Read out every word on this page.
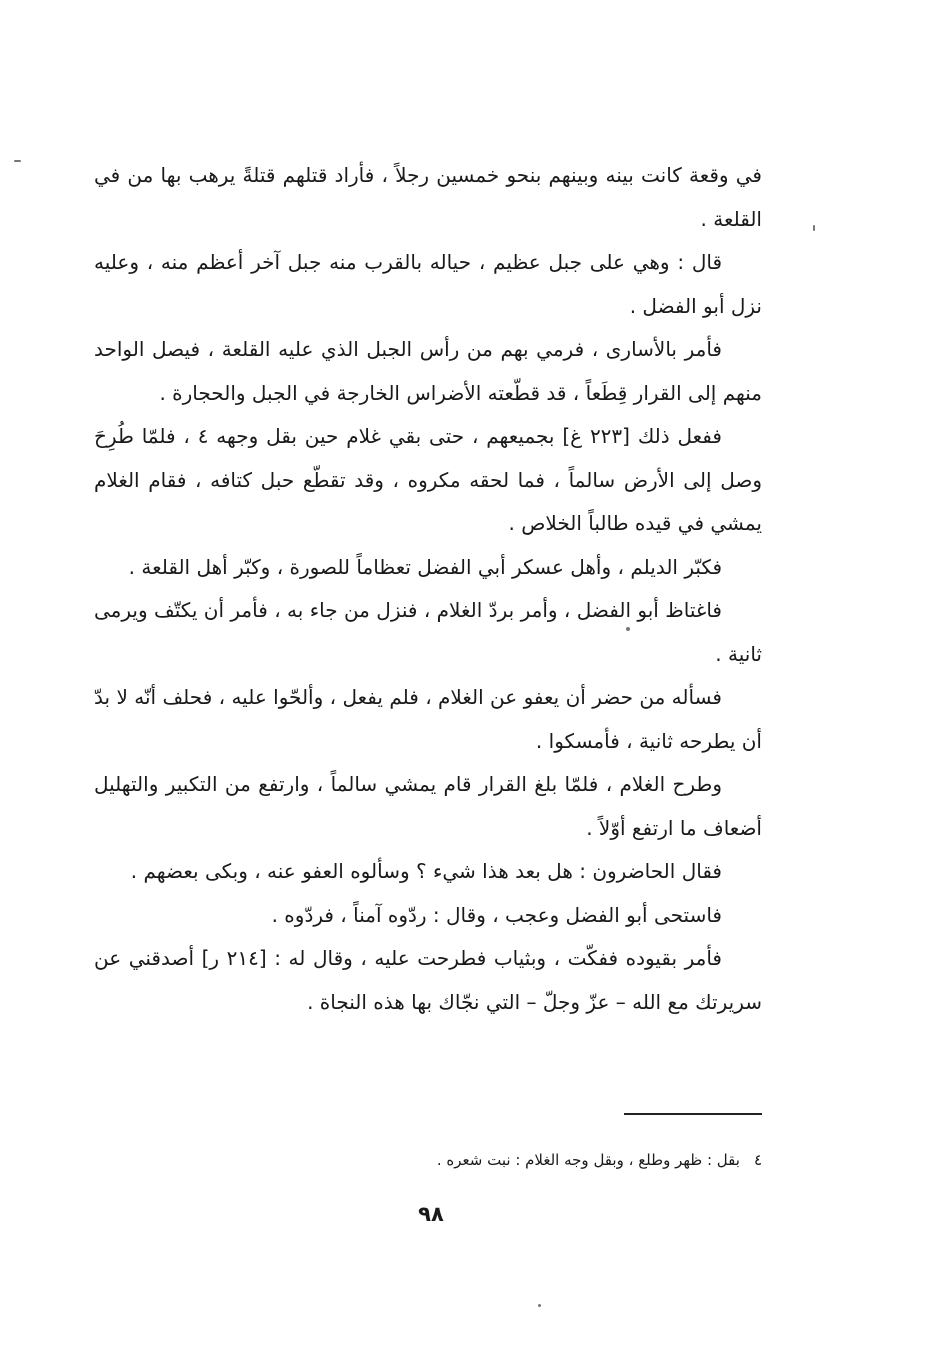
في وقعة كانت بينه وبينهم بنحو خمسين رجلاً ، فأراد قتلهم قتلةً يرهب بها من في القلعة .

قال : وهي على جبل عظيم ، حياله بالقرب منه جبل آخر أعظم منه ، وعليه نزل أبو الفضل .

فأمر بالأسارى ، فرمي بهم من رأس الجبل الذي عليه القلعة ، فيصل الواحد منهم إلى القرار قِطَعاً ، قد قطّعته الأضراس الخارجة في الجبل والحجارة .

ففعل ذلك [٢٢٣ غ] بجميعهم ، حتى بقي غلام حين بقل وجهه ٤ ، فلمّا طُرِحَ وصل إلى الأرض سالماً ، فما لحقه مكروه ، وقد تقطّع حبل كتافه ، فقام الغلام يمشي في قيده طالباً الخلاص .

فكبّر الديلم ، وأهل عسكر أبي الفضل تعظاماً للصورة ، وكبّر أهل القلعة .

فاغتاظ أبو الفضل ، وأمر بردّ الغلام ، فنزل من جاء به ، فأمر أن يكتّف ويرمى ثانية .

فسأله من حضر أن يعفو عن الغلام ، فلم يفعل ، وألحّوا عليه ، فحلف أنّه لا بدّ أن يطرحه ثانية ، فأمسكوا .

وطرح الغلام ، فلمّا بلغ القرار قام يمشي سالماً ، وارتفع من التكبير والتهليل أضعاف ما ارتفع أوّلاً .

فقال الحاضرون : هل بعد هذا شيء ؟ وسألوه العفو عنه ، وبكى بعضهم .

فاستحى أبو الفضل وعجب ، وقال : ردّوه آمناً ، فردّوه .

فأمر بقيوده ففكّت ، وبثياب فطرحت عليه ، وقال له : [٢١٤ ر] أصدقني عن سريرتك مع الله – عزّ وجلّ – التي نجّاك بها هذه النجاة .

٤بقل : ظهر وطلع ، وبقل وجه الغلام : نبت شعره .
٩٨
